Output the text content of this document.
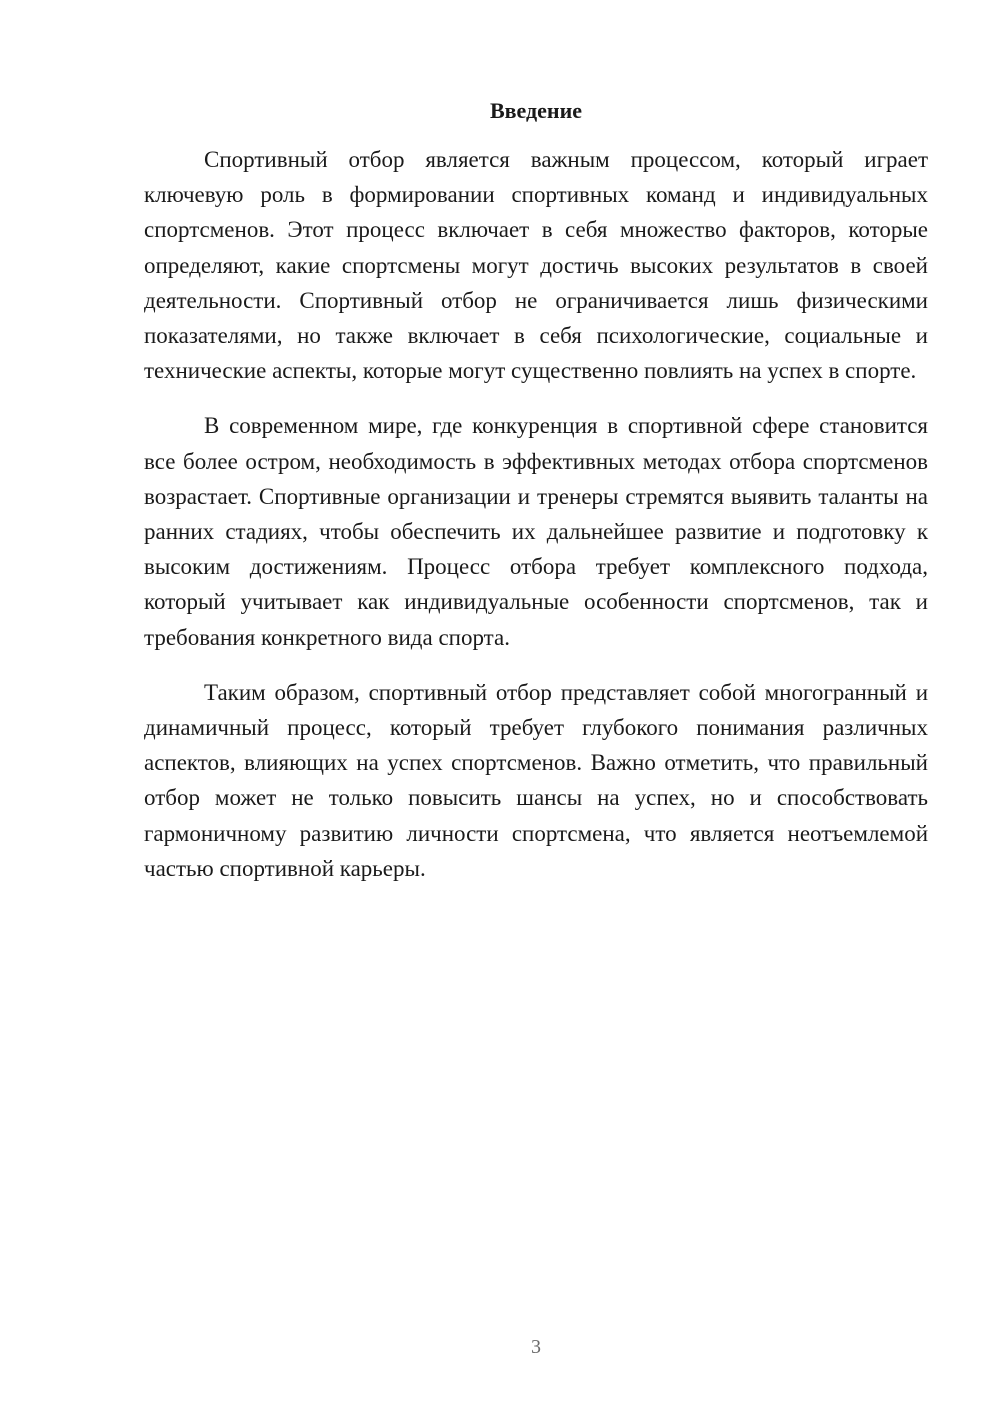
Введение

Спортивный отбор является важным процессом, который играет ключевую роль в формировании спортивных команд и индивидуальных спортсменов. Этот процесс включает в себя множество факторов, которые определяют, какие спортсмены могут достичь высоких результатов в своей деятельности. Спортивный отбор не ограничивается лишь физическими показателями, но также включает в себя психологические, социальные и технические аспекты, которые могут существенно повлиять на успех в спорте.

В современном мире, где конкуренция в спортивной сфере становится все более остром, необходимость в эффективных методах отбора спортсменов возрастает. Спортивные организации и тренеры стремятся выявить таланты на ранних стадиях, чтобы обеспечить их дальнейшее развитие и подготовку к высоким достижениям. Процесс отбора требует комплексного подхода, который учитывает как индивидуальные особенности спортсменов, так и требования конкретного вида спорта.

Таким образом, спортивный отбор представляет собой многогранный и динамичный процесс, который требует глубокого понимания различных аспектов, влияющих на успех спортсменов. Важно отметить, что правильный отбор может не только повысить шансы на успех, но и способствовать гармоничному развитию личности спортсмена, что является неотъемлемой частью спортивной карьеры.

3
